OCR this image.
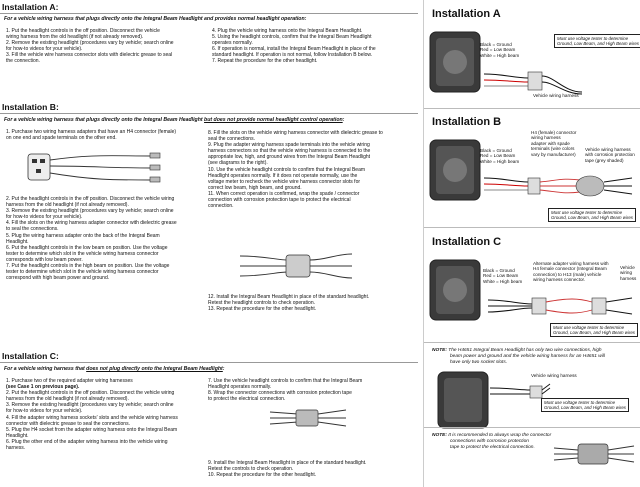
Installation A:
For a vehicle wiring harness that plugs directly onto the Integral Beam Headlight and provides normal headlight operation:
1. Put the headlight controls in the off position. Disconnect the vehicle
wiring harness from the old headlight (if not already removed).
2. Remove the existing headlight (procedures vary by vehicle; search online
for how-to videos for your vehicle).
3. Fill the vehicle wire harness connector slots with dielectric grease to seal
the connection.
4. Plug the vehicle wiring harness onto the Integral Beam Headlight.
5. Using the headlight controls, confirm that the Integral Beam Headlight
operates normally.
6. If operation is normal, install the Integral Beam Headlight in place of the
standard headlight. If operation is not normal, follow Installation B below.
7. Repeat the procedure for the other headlight.
Installation B:
For a vehicle wiring harness that plugs directly onto the Integral Beam Headlight but does not provide normal headlight control operation:
1. Purchase two wiring harness adapters that have an H4 connector (female)
on one end and spade terminals on the other end.
2. Put the headlight controls in the off position. Disconnect the vehicle wiring
harness from the old headlight (if not already removed).
3. Remove the existing headlight (procedures vary by vehicle; search online
for how-to videos for your vehicle).
4. Fill the slots on the wiring harness adapter connector with dielectric grease
to seal the connections.
5. Plug the wiring harness adapter onto the back of the Integral Beam
Headlight.
6. Put the headlight controls in the low beam on position. Use the voltage
tester to determine which slot in the vehicle wiring harness connector
corresponds with low beam power.
7. Put the headlight controls in the high beam on position. Use the voltage
tester to determine which slot in the vehicle wiring harness connector
correspond with high beam power and ground.
8. Fill the slots on the vehicle wiring harness connector with dielectric grease to
seal the connections.
9. Plug the adapter wiring harness spade terminals into the vehicle wiring
harness connectors so that the vehicle wiring harness is connected to the
appropriate low, high, and ground wires from the Integral Beam Headlight
(see diagrams to the right).
10. Use the vehicle headlight controls to confirm that the Integral Beam
Headlight operates normally. If it does not operate normally, use the
voltage meter to recheck the vehicle wire harness connector slots for
correct low beam, high beam, and ground.
11. When correct operation is confirmed, wrap the spade / connector
connection with corrosion protection tape to protect the electrical
connection.
12. Install the Integral Beam Headlight in place of the standard headlight.
Retest the headlight controls to check operation.
13. Repeat the procedure for the other headlight.
Installation C:
For a vehicle wiring harness that does not plug directly onto the Integral Beam Headlight:
1. Purchase two of the required adapter wiring harnesses
(see Case 1 on previous page).
2. Put the headlight controls in the off position. Disconnect the vehicle wiring
harness from the old headlight (if not already removed).
3. Remove the existing headlight (procedures vary by vehicle; search online
for how-to videos for your vehicle).
4. Fill the adapter wiring harness sockets' slots and the vehicle wiring harness
connector with dielectric grease to seal the connections.
5. Plug the H4 socket from the adapter wiring harness onto the Integral Beam
Headlight.
6. Plug the other end of the adapter wiring harness into the vehicle wiring
harness.
7. Use the vehicle headlight controls to confirm that the Integral Beam
Headlight operates normally.
8. Wrap the connector connections with corrosion protection tape
to protect the electrical connection.
9. Install the Integral Beam Headlight in place of the standard headlight.
Retest the controls to check operation.
10. Repeat the procedure for the other headlight.
Installation A
Black = Ground
Red = Low Beam
White = High beam
Must use voltage tester to determine
Ground, Low Beam, and High Beam wires
Vehicle wiring harness
Installation B
Black = Ground
Red = Low Beam
White = High beam
H4 (female) connector
wiring harness
adapter with spade
terminals (wire colors
vary by manufacturer)
Vehicle wiring harness
with corrosion protection
tape (grey shaded)
Must use voltage tester to determine
Ground, Low Beam, and High Beam wires
Installation C
Black = Ground
Red = Low Beam
White = High beam
Alternate adapter wiring harness with
H4 female connector (Integral Beam
connection) to H13 (male) vehicle
wiring harness connector.
Vehicle
wiring
harness
Must use voltage tester to determine
Ground, Low Beam, and High Beam wires
NOTE: The H4651 Integral Beam Headlight has only two wire connections, high
beam power and ground and the vehicle wiring harness for an H4651 will
have only two socket slots.
Vehicle wiring harness
Must use voltage tester to determine
Ground, Low Beam, and High Beam wires
NOTE: It is recommended to always wrap the connector
connections with corrosion protection
tape to protect the electrical connection.
